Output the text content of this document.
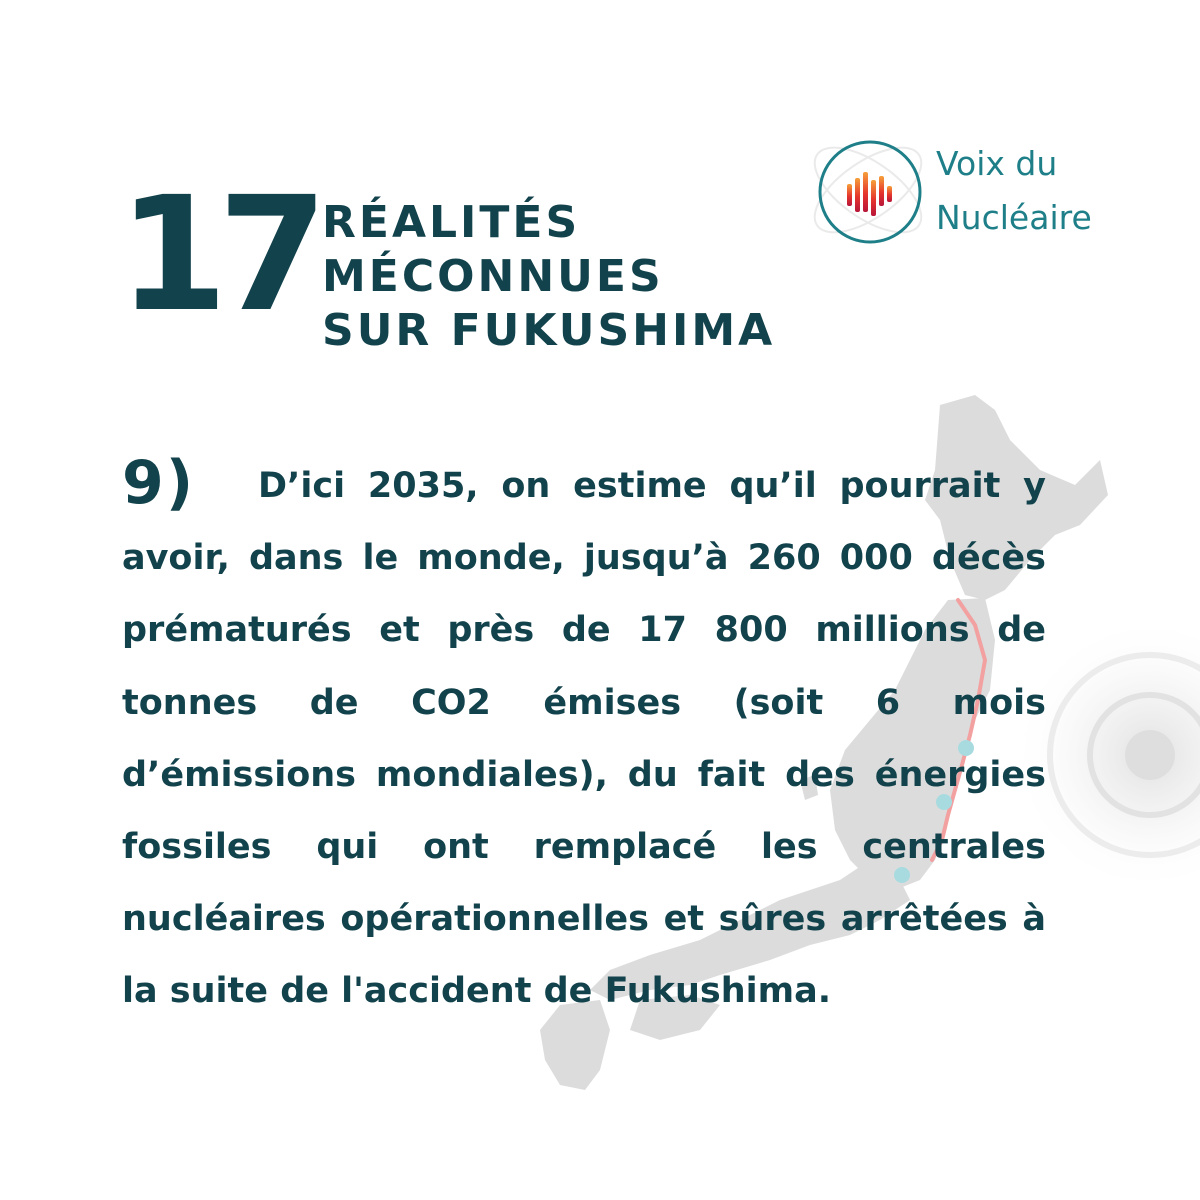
17 RÉALITÉS
MÉCONNUES
SUR FUKUSHIMA
Voix du
Nucléaire
9)	D’ici 2035, on estime qu’il pourrait y avoir, dans le monde, jusqu’à 260 000 décès prématurés et près de 17 800 millions de tonnes de CO2 émises (soit 6 mois d’émissions mondiales), du fait des énergies fossiles qui ont remplacé les centrales nucléaires opérationnelles et sûres arrêtées à la suite de l'accident de Fukushima.
